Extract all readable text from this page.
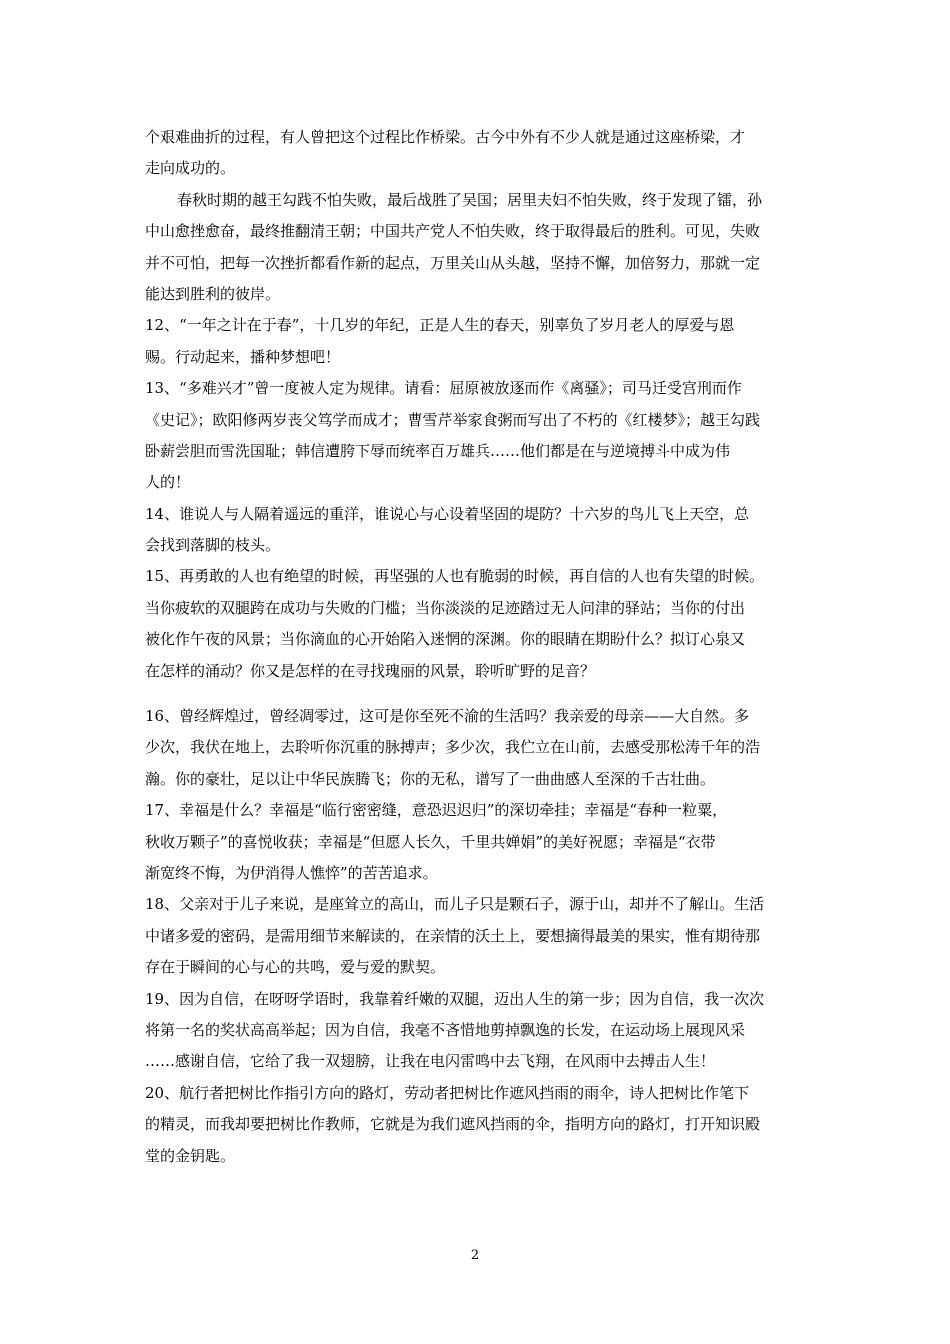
个艰难曲折的过程，有人曾把这个过程比作桥梁。古今中外有不少人就是通过这座桥梁，才
走向成功的。
春秋时期的越王勾践不怕失败，最后战胜了吴国；居里夫妇不怕失败，终于发现了镭，孙
中山愈挫愈奋，最终推翻清王朝；中国共产党人不怕失败，终于取得最后的胜利。可见，失败
并不可怕，把每一次挫折都看作新的起点，万里关山从头越，坚持不懈，加倍努力，那就一定
能达到胜利的彼岸。
12、“一年之计在于春”，十几岁的年纪，正是人生的春天，别辜负了岁月老人的厚爱与恩
赐。行动起来，播种梦想吧！
13、“多难兴才”曾一度被人定为规律。请看：屈原被放逐而作《离骚》；司马迁受宫刑而作
《史记》；欧阳修两岁丧父笃学而成才；曹雪芹举家食粥而写出了不朽的《红楼梦》；越王勾践
卧薪尝胆而雪洗国耻；韩信遭胯下辱而统率百万雄兵……他们都是在与逆境搏斗中成为伟
人的！
14、谁说人与人隔着遥远的重洋，谁说心与心设着坚固的堤防？十六岁的鸟儿飞上天空，总
会找到落脚的枝头。
15、再勇敢的人也有绝望的时候，再坚强的人也有脆弱的时候，再自信的人也有失望的时候。
当你疲软的双腿跨在成功与失败的门槛；当你淡淡的足迹踏过无人问津的驿站；当你的付出
被化作午夜的风景；当你滴血的心开始陷入迷惘的深渊。你的眼睛在期盼什么？拟订心泉又
在怎样的涌动？你又是怎样的在寻找瑰丽的风景，聆听旷野的足音？
16、曾经辉煌过，曾经凋零过，这可是你至死不渝的生活吗？我亲爱的母亲——大自然。多
少次，我伏在地上，去聆听你沉重的脉搏声；多少次，我伫立在山前，去感受那松涛千年的浩
瀚。你的豪壮，足以让中华民族腾飞；你的无私，谱写了一曲曲感人至深的千古壮曲。
17、幸福是什么？幸福是“临行密密缝，意恐迟迟归”的深切牵挂；幸福是“春种一粒粟，
秋收万颗子”的喜悦收获；幸福是“但愿人长久，千里共婵娟”的美好祝愿；幸福是“衣带
渐宽终不悔，为伊消得人憔悴”的苦苦追求。
18、父亲对于儿子来说，是座耸立的高山，而儿子只是颗石子，源于山，却并不了解山。生活
中诸多爱的密码，是需用细节来解读的，在亲情的沃土上，要想摘得最美的果实，惟有期待那
存在于瞬间的心与心的共鸣，爱与爱的默契。
19、因为自信，在呀呀学语时，我靠着纤嫩的双腿，迈出人生的第一步；因为自信，我一次次
将第一名的奖状高高举起；因为自信，我毫不吝惜地剪掉飘逸的长发，在运动场上展现风采
……感谢自信，它给了我一双翅膀，让我在电闪雷鸣中去飞翔，在风雨中去搏击人生！
20、航行者把树比作指引方向的路灯，劳动者把树比作遮风挡雨的雨伞，诗人把树比作笔下
的精灵，而我却要把树比作教师，它就是为我们遮风挡雨的伞，指明方向的路灯，打开知识殿
堂的金钥匙。
2
